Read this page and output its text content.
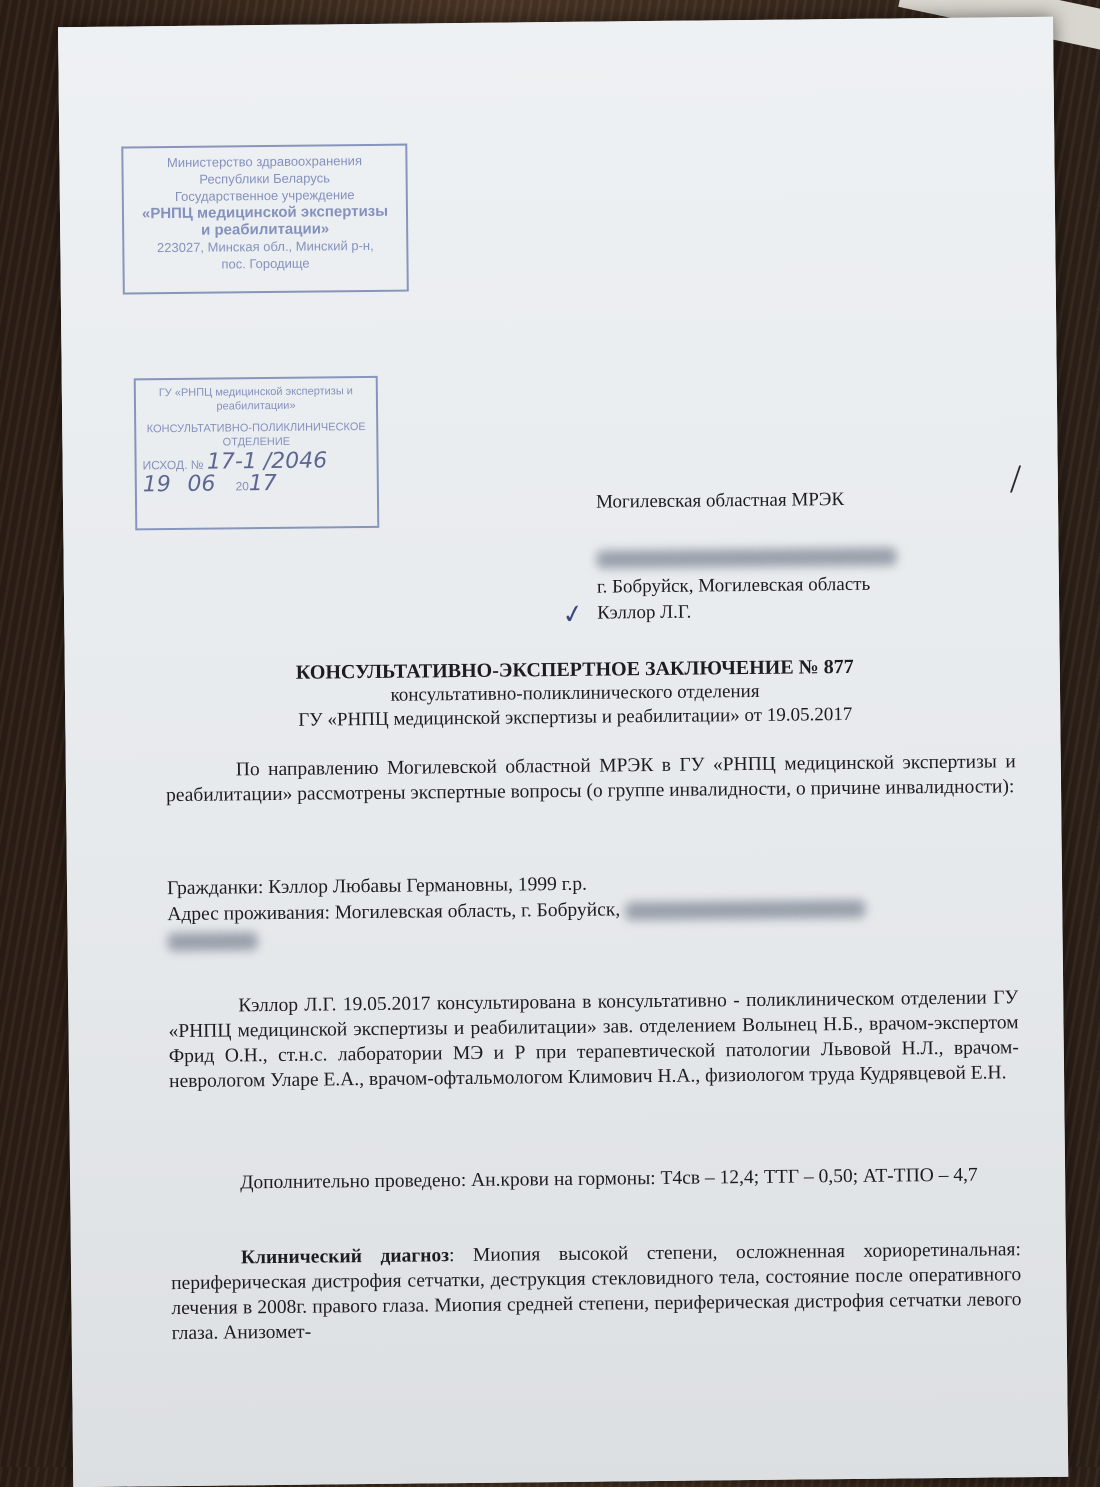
Министерство здравоохранения
Республики Беларусь
Государственное учреждение
«РНПЦ медицинской экспертизы
и реабилитации»
223027, Минская обл., Минский р-н,
пос. Городище
ГУ «РНПЦ медицинской экспертизы и реабилитации»
КОНСУЛЬТАТИВНО-ПОЛИКЛИНИЧЕСКОЕ ОТДЕЛЕНИЕ
ИСХОД. № 17-1 /2046
19 06 2017
Могилевская областная МРЭК
г. Бобруйск, Могилевская область
Кэллор Л.Г.
✓
КОНСУЛЬТАТИВНО-ЭКСПЕРТНОЕ ЗАКЛЮЧЕНИЕ № 877
консультативно-поликлинического отделения
ГУ «РНПЦ медицинской экспертизы и реабилитации» от 19.05.2017
По направлению Могилевской областной МРЭК в ГУ «РНПЦ медицинской экспертизы и реабилитации» рассмотрены экспертные вопросы (о группе инвалидности, о причине инвалидности):
Гражданки: Кэллор Любавы Германовны, 1999 г.р.
Адрес проживания: Могилевская область, г. Бобруйск,
Кэллор Л.Г. 19.05.2017 консультирована в консультативно - поликлиническом отделении ГУ «РНПЦ медицинской экспертизы и реабилитации» зав. отделением Волынец Н.Б., врачом-экспертом Фрид О.Н., ст.н.с. лаборатории МЭ и Р при терапевтической патологии Львовой Н.Л., врачом-неврологом Уларе Е.А., врачом-офтальмологом Климович Н.А., физиологом труда Кудрявцевой Е.Н.
Дополнительно проведено: Ан.крови на гормоны: Т4св – 12,4; ТТГ – 0,50; АТ-ТПО – 4,7
Клинический диагноз: Миопия высокой степени, осложненная хориоретинальная: периферическая дистрофия сетчатки, деструкция стекловидного тела, состояние после оперативного лечения в 2008г. правого глаза. Миопия средней степени, периферическая дистрофия сетчатки левого глаза. Анизомет-
/
